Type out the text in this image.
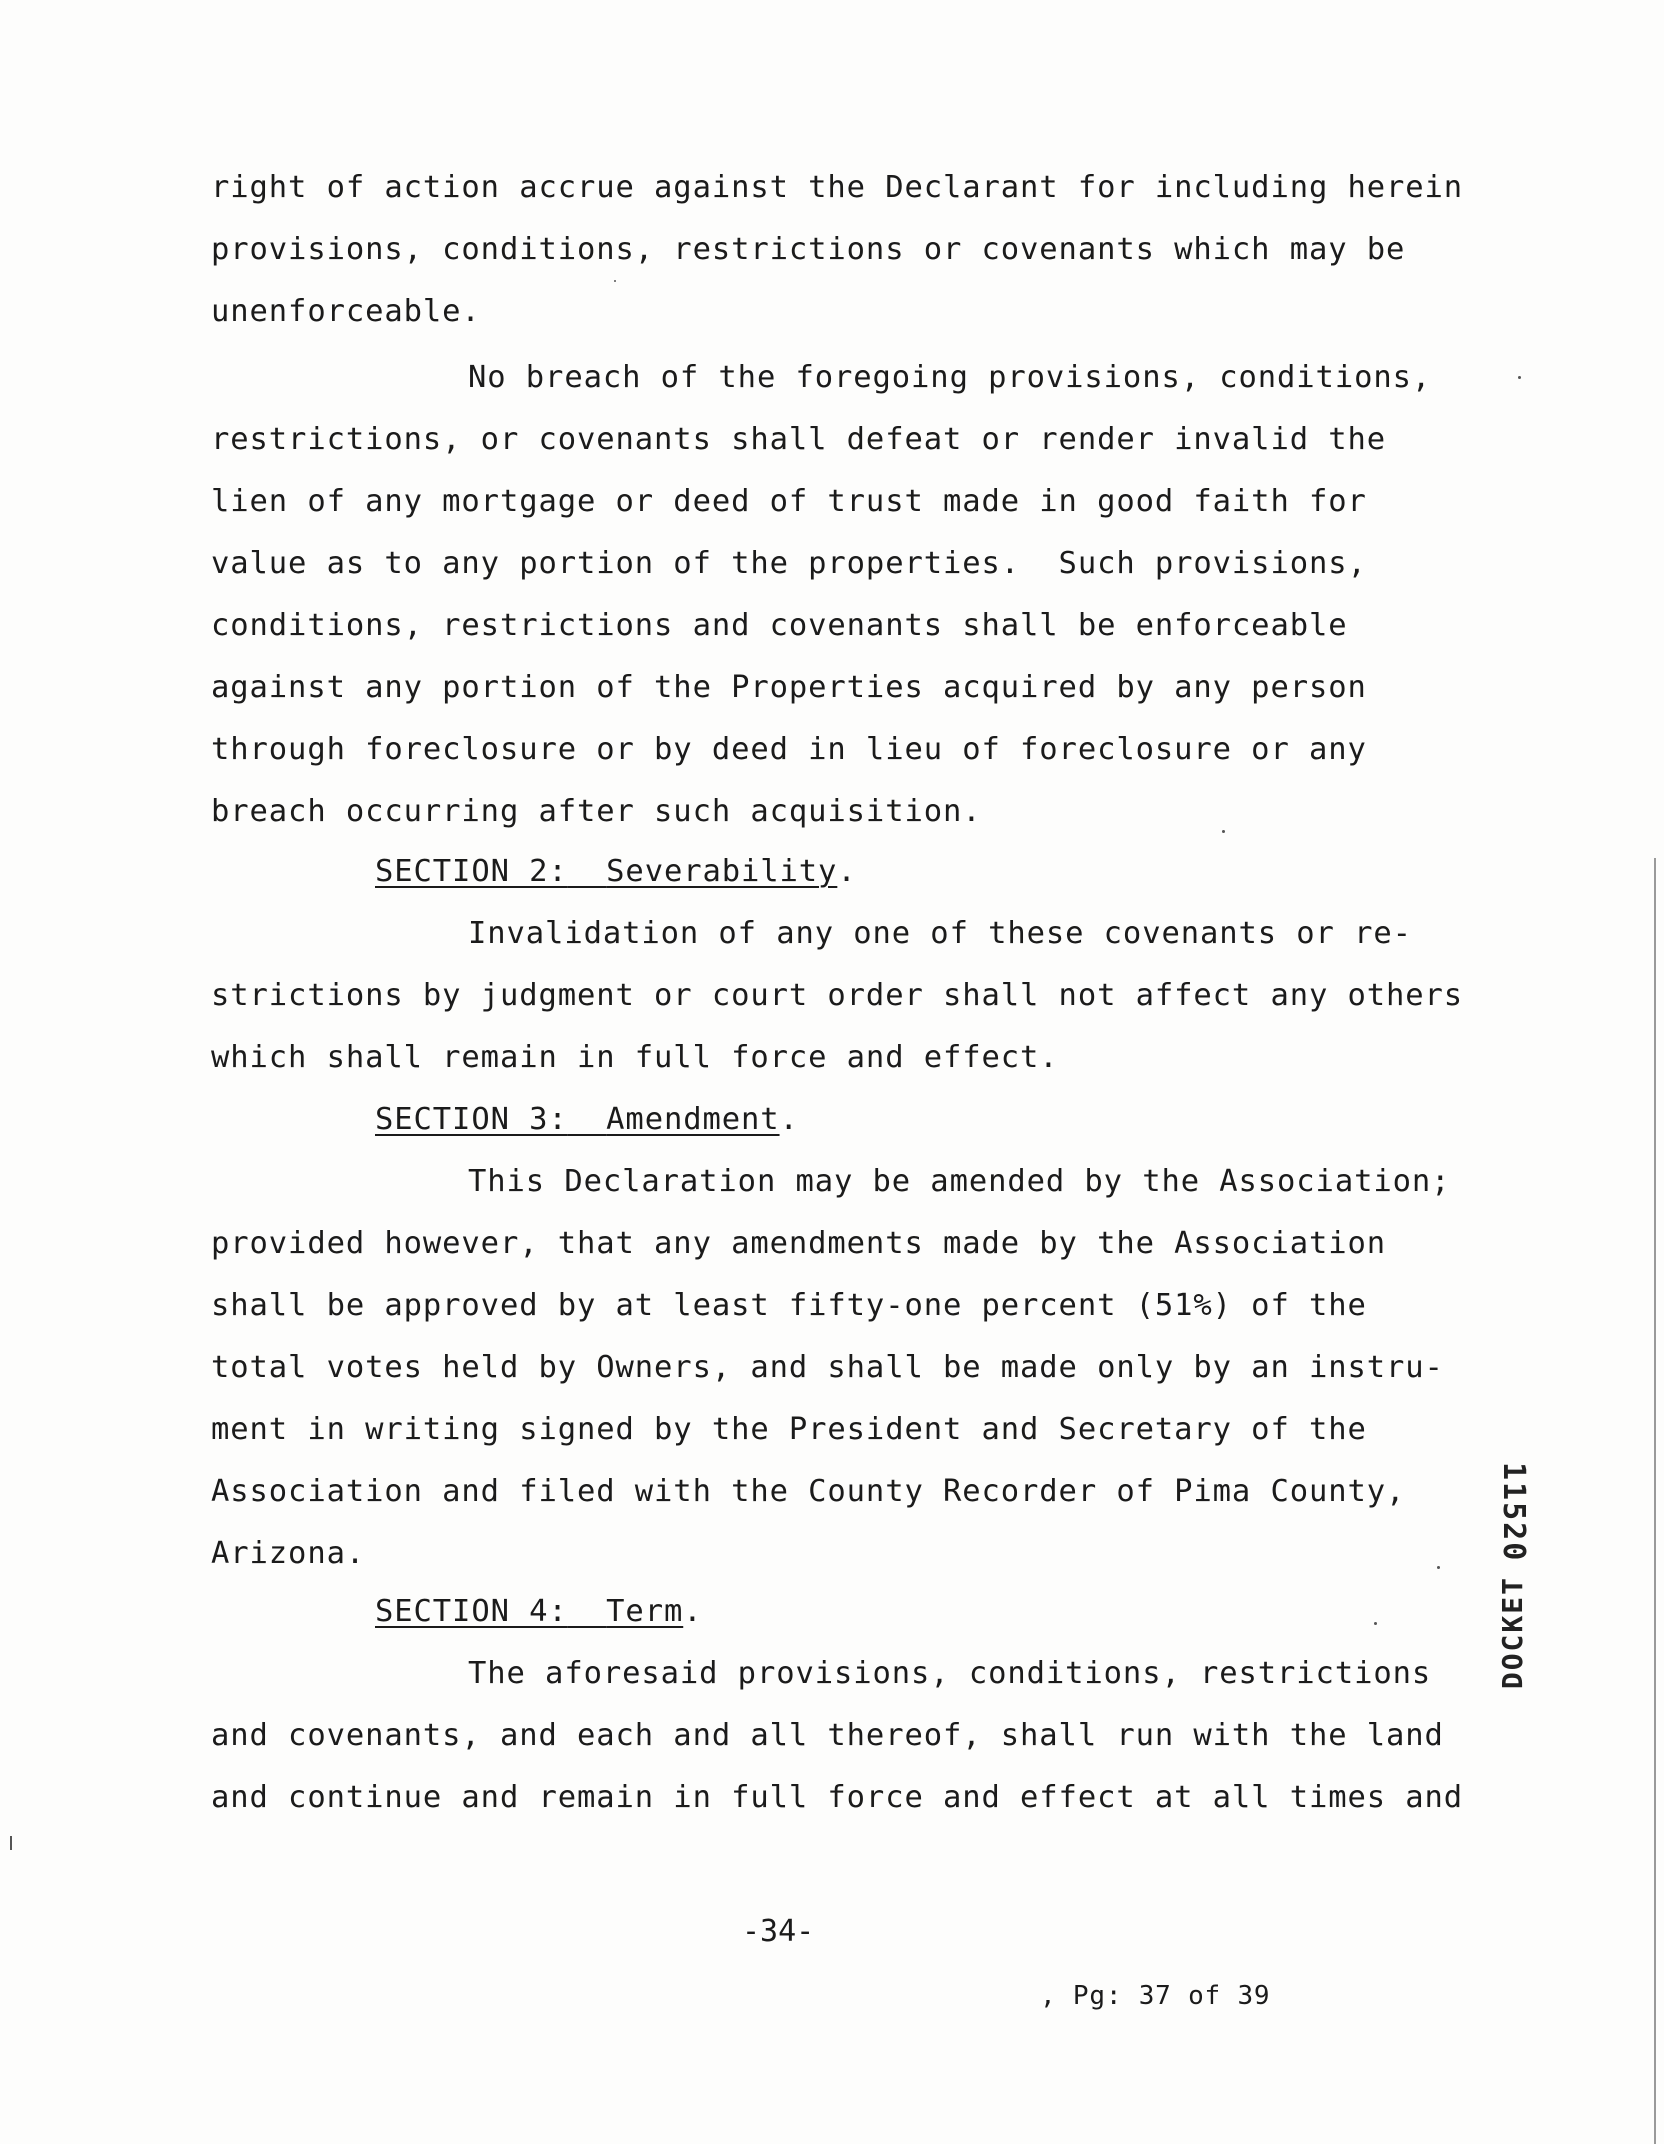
right of action accrue against the Declarant for including herein
provisions, conditions, restrictions or covenants which may be
unenforceable.
No breach of the foregoing provisions, conditions,
restrictions, or covenants shall defeat or render invalid the
lien of any mortgage or deed of trust made in good faith for
value as to any portion of the properties.  Such provisions,
conditions, restrictions and covenants shall be enforceable
against any portion of the Properties acquired by any person
through foreclosure or by deed in lieu of foreclosure or any
breach occurring after such acquisition.
SECTION 2: Severability.
Invalidation of any one of these covenants or re-
strictions by judgment or court order shall not affect any others
which shall remain in full force and effect.
SECTION 3: Amendment.
This Declaration may be amended by the Association;
provided however, that any amendments made by the Association
shall be approved by at least fifty-one percent (51%) of the
total votes held by Owners, and shall be made only by an instru-
ment in writing signed by the President and Secretary of the
Association and filed with the County Recorder of Pima County,
Arizona.
SECTION 4: Term.
The aforesaid provisions, conditions, restrictions
and covenants, and each and all thereof, shall run with the land
and continue and remain in full force and effect at all times and
-34-
, Pg: 37 of 39
11520
DOCKET
